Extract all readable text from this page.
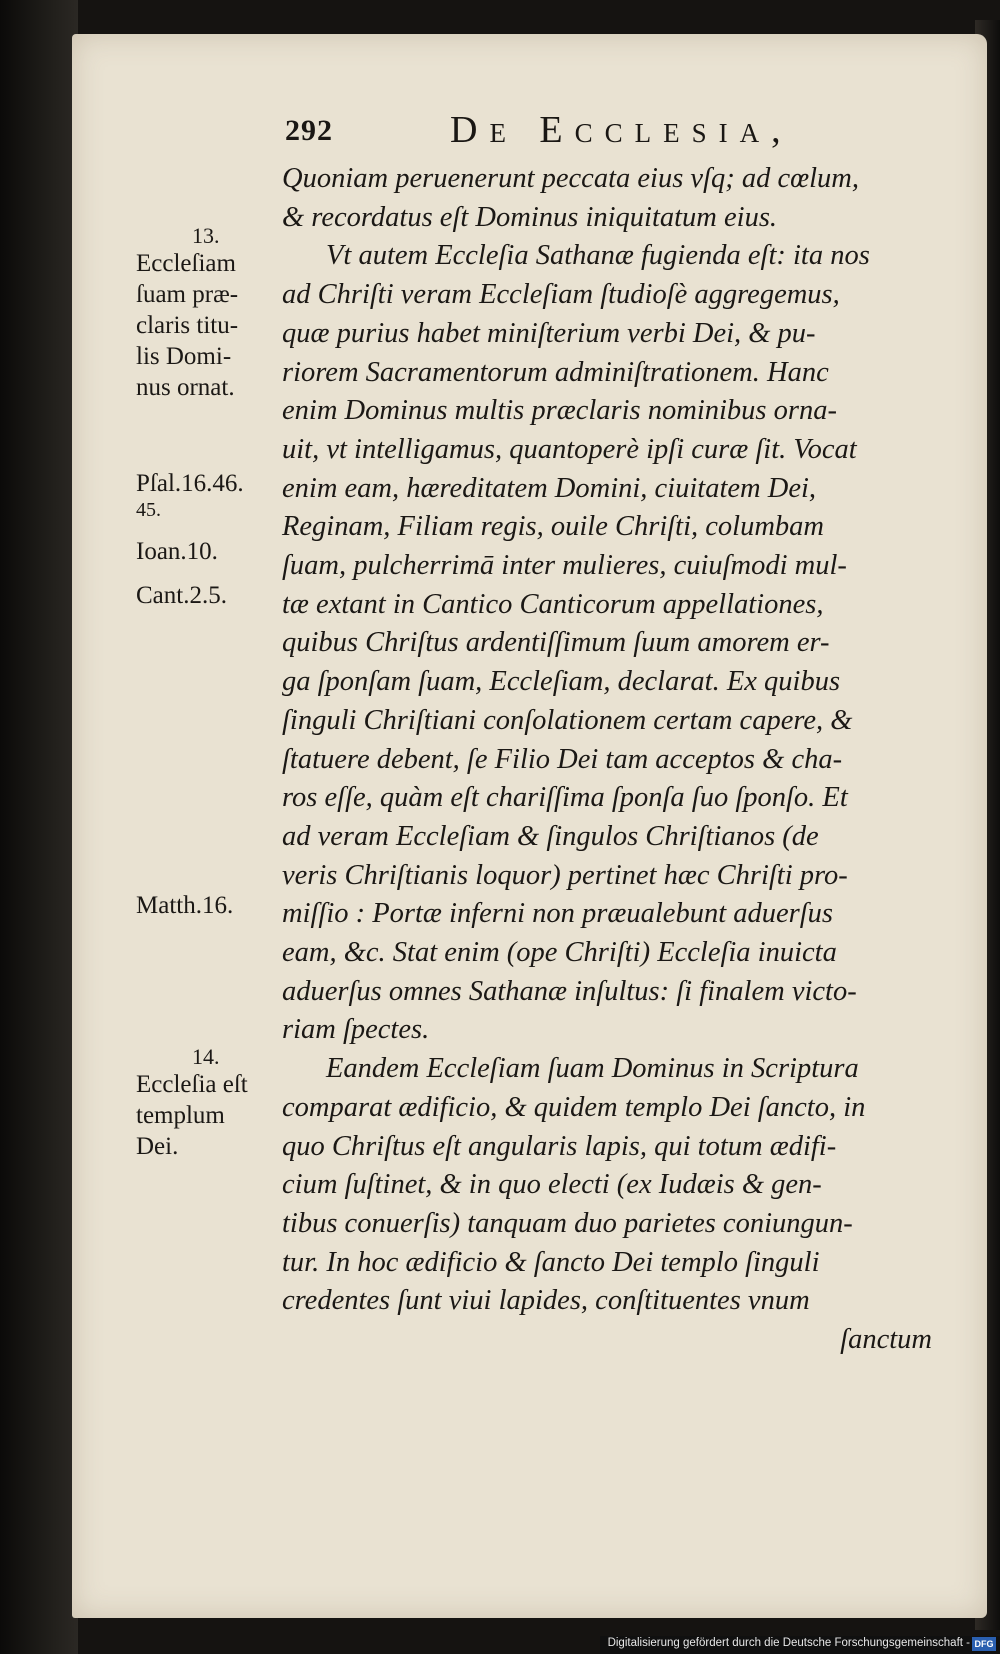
292	De Ecclesia,
Quoniam peruenerunt peccata eius vſq; ad cœlum,
& recordatus eſt Dominus iniquitatum eius.
Vt autem Eccleſia Sathanæ fugienda eſt: ita nos
ad Chriſti veram Eccleſiam ſtudioſè aggregemus,
quæ purius habet miniſterium verbi Dei, & pu-
riorem Sacramentorum adminiſtrationem. Hanc
enim Dominus multis præclaris nominibus orna-
uit, vt intelligamus, quantoperè ipſi curæ ſit. Vocat
enim eam, hæreditatem Domini, ciuitatem Dei,
Reginam, Filiam regis, ouile Chriſti, columbam
ſuam, pulcherrimā inter mulieres, cuiuſmodi mul-
tæ extant in Cantico Canticorum appellationes,
quibus Chriſtus ardentiſſimum ſuum amorem er-
ga ſponſam ſuam, Eccleſiam, declarat. Ex quibus
ſinguli Chriſtiani conſolationem certam capere, &
ſtatuere debent, ſe Filio Dei tam acceptos & cha-
ros eſſe, quàm eſt chariſſima ſponſa ſuo ſponſo. Et
ad veram Eccleſiam & ſingulos Chriſtianos (de
veris Chriſtianis loquor) pertinet hæc Chriſti pro-
miſſio : Portæ inferni non præualebunt aduerſus
eam, &c. Stat enim (ope Chriſti) Eccleſia inuicta
aduerſus omnes Sathanæ inſultus: ſi finalem victo-
riam ſpectes.
Eandem Eccleſiam ſuam Dominus in Scriptura
comparat ædificio, & quidem templo Dei ſancto, in
quo Chriſtus eſt angularis lapis, qui totum ædifi-
cium ſuſtinet, & in quo electi (ex Iudæis & gen-
tibus conuerſis) tanquam duo parietes coniungun-
tur. In hoc ædificio & ſancto Dei templo ſinguli
credentes ſunt viui lapides, conſtituentes vnum
ſanctum
13.
Eccleſiam
ſuam præ-
claris titu-
lis Domi-
nus ornat.
Pſal.16.46.
45.
Ioan.10.
Cant.2.5.
Matth.16.
14.
Eccleſia eſt
templum
Dei.
Digitalisierung gefördert durch die Deutsche Forschungsgemeinschaft - DFG
